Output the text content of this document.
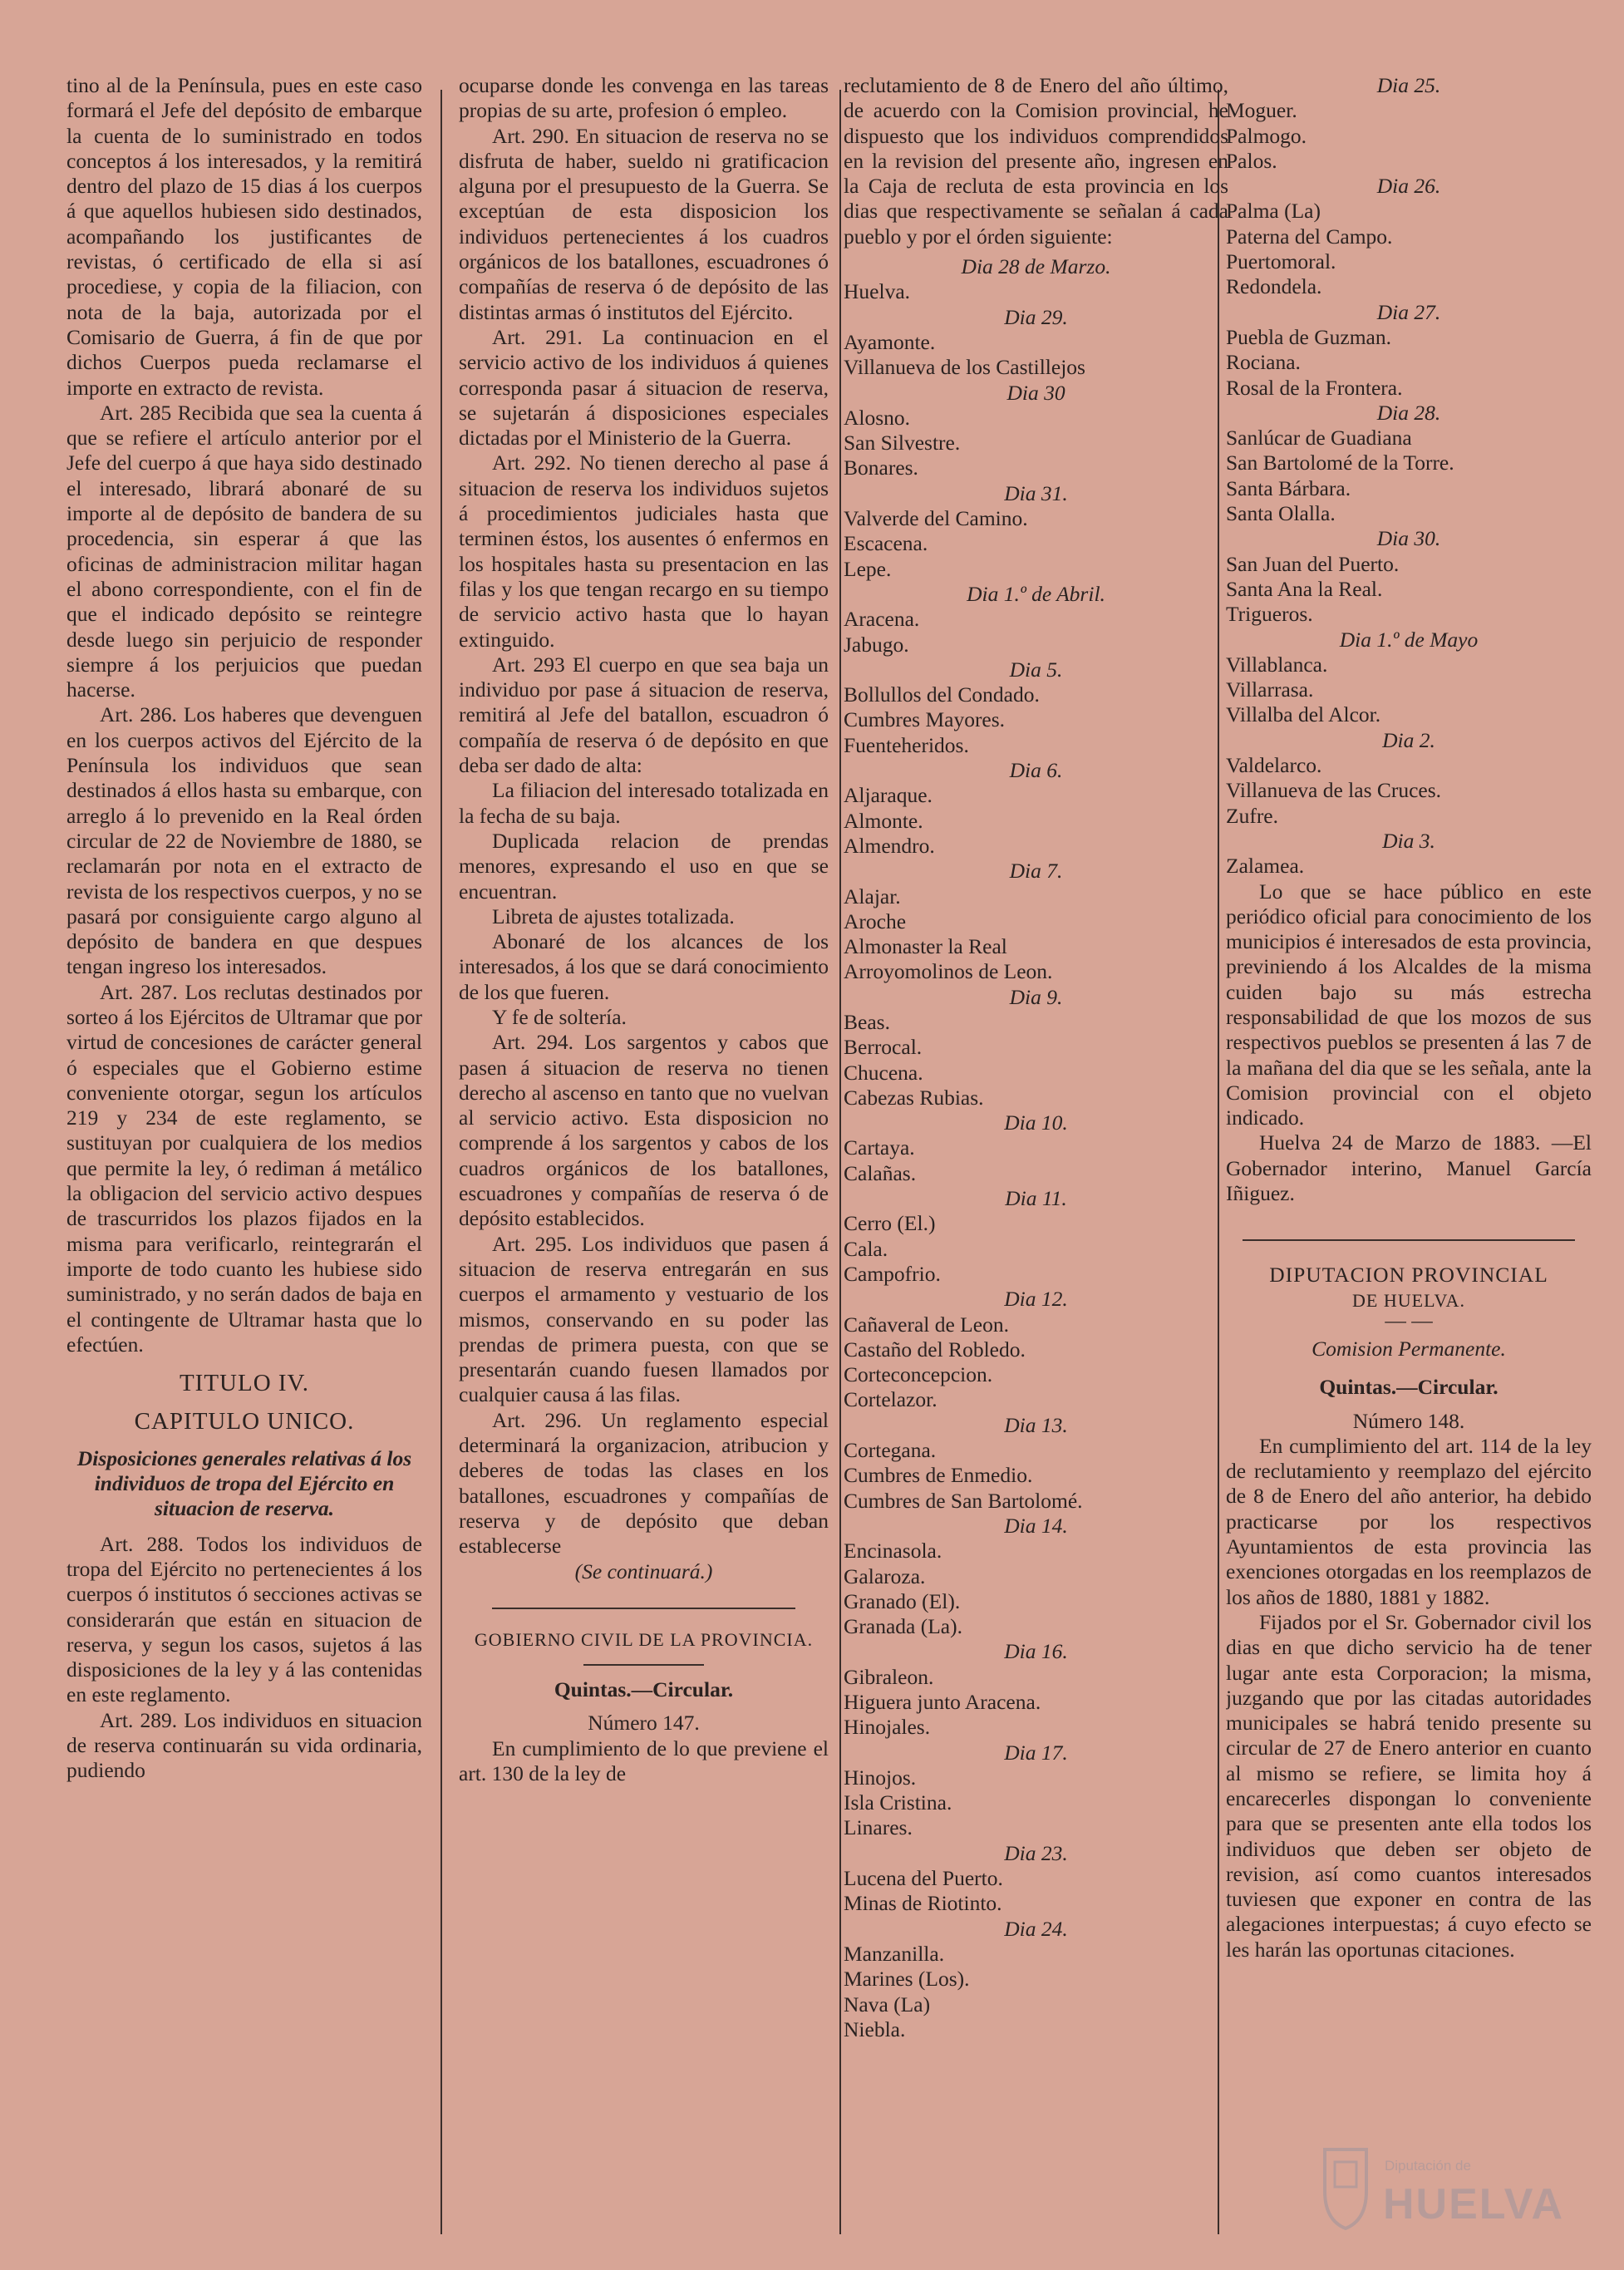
tino al de la Península, pues en este caso formará el Jefe del depósito de embarque la cuenta de lo suministrado en todos conceptos á los interesados, y la remitirá dentro del plazo de 15 dias á los cuerpos á que aquellos hubiesen sido destinados, acompañando los justificantes de revistas, ó certificado de ella si así procediese, y copia de la filiacion, con nota de la baja, autorizada por el Comisario de Guerra, á fin de que por dichos Cuerpos pueda reclamarse el importe en extracto de revista.

Art. 285 Recibida que sea la cuenta á que se refiere el artículo anterior por el Jefe del cuerpo á que haya sido destinado el interesado, librará abonaré de su importe al de depósito de bandera de su procedencia, sin esperar á que las oficinas de administracion militar hagan el abono correspondiente, con el fin de que el indicado depósito se reintegre desde luego sin perjuicio de responder siempre á los perjuicios que puedan hacerse.

Art. 286. Los haberes que devenguen en los cuerpos activos del Ejército de la Península los individuos que sean destinados á ellos hasta su embarque, con arreglo á lo prevenido en la Real órden circular de 22 de Noviembre de 1880, se reclamarán por nota en el extracto de revista de los respectivos cuerpos, y no se pasará por consiguiente cargo alguno al depósito de bandera en que despues tengan ingreso los interesados.

Art. 287. Los reclutas destinados por sorteo á los Ejércitos de Ultramar que por virtud de concesiones de carácter general ó especiales que el Gobierno estime conveniente otorgar, segun los artículos 219 y 234 de este reglamento, se sustituyan por cualquiera de los medios que permite la ley, ó rediman á metálico la obligacion del servicio activo despues de trascurridos los plazos fijados en la misma para verificarlo, reintegrarán el importe de todo cuanto les hubiese sido suministrado, y no serán dados de baja en el contingente de Ultramar hasta que lo efectúen.

TITULO IV.

CAPITULO UNICO.

Disposiciones generales relativas á los individuos de tropa del Ejército en situacion de reserva.

Art. 288. Todos los individuos de tropa del Ejército no pertenecientes á los cuerpos ó institutos ó secciones activas se considerarán que están en situacion de reserva, y segun los casos, sujetos á las disposiciones de la ley y á las contenidas en este reglamento.

Art. 289. Los individuos en situacion de reserva continuarán su vida ordinaria, pudiendo

ocuparse donde les convenga en las tareas propias de su arte, profesion ó empleo.

Art. 290. En situacion de reserva no se disfruta de haber, sueldo ni gratificacion alguna por el presupuesto de la Guerra. Se exceptúan de esta disposicion los individuos pertenecientes á los cuadros orgánicos de los batallones, escuadrones ó compañías de reserva ó de depósito de las distintas armas ó institutos del Ejército.

Art. 291. La continuacion en el servicio activo de los individuos á quienes corresponda pasar á situacion de reserva, se sujetarán á disposiciones especiales dictadas por el Ministerio de la Guerra.

Art. 292. No tienen derecho al pase á situacion de reserva los individuos sujetos á procedimientos judiciales hasta que terminen éstos, los ausentes ó enfermos en los hospitales hasta su presentacion en las filas y los que tengan recargo en su tiempo de servicio activo hasta que lo hayan extinguido.

Art. 293 El cuerpo en que sea baja un individuo por pase á situacion de reserva, remitirá al Jefe del batallon, escuadron ó compañía de reserva ó de depósito en que deba ser dado de alta:

La filiacion del interesado totalizada en la fecha de su baja.

Duplicada relacion de prendas menores, expresando el uso en que se encuentran.

Libreta de ajustes totalizada.

Abonaré de los alcances de los interesados, á los que se dará conocimiento de los que fueren.

Y fe de soltería.

Art. 294. Los sargentos y cabos que pasen á situacion de reserva no tienen derecho al ascenso en tanto que no vuelvan al servicio activo. Esta disposicion no comprende á los sargentos y cabos de los cuadros orgánicos de los batallones, escuadrones y compañías de reserva ó de depósito establecidos.

Art. 295. Los individuos que pasen á situacion de reserva entregarán en sus cuerpos el armamento y vestuario de los mismos, conservando en su poder las prendas de primera puesta, con que se presentarán cuando fuesen llamados por cualquier causa á las filas.

Art. 296. Un reglamento especial determinará la organizacion, atribucion y deberes de todas las clases en los batallones, escuadrones y compañías de reserva y de depósito que deban establecerse

(Se continuará.)

GOBIERNO CIVIL DE LA PROVINCIA.

Quintas.—Circular.

Número 147.

En cumplimiento de lo que previene el art. 130 de la ley de

reclutamiento de 8 de Enero del año último, de acuerdo con la Comision provincial, he dispuesto que los individuos comprendidos en la revision del presente año, ingresen en la Caja de recluta de esta provincia en los dias que respectivamente se señalan á cada pueblo y por el órden siguiente:

Dia 28 de Marzo.

Huelva.

Dia 29.

Ayamonte.

Villanueva de los Castillejos

Dia 30

Alosno.

San Silvestre.

Bonares.

Dia 31.

Valverde del Camino.

Escacena.

Lepe.

Dia 1.º de Abril.

Aracena.

Jabugo.

Dia 5.

Bollullos del Condado.

Cumbres Mayores.

Fuenteheridos.

Dia 6.

Aljaraque.

Almonte.

Almendro.

Dia 7.

Alajar.

Aroche

Almonaster la Real

Arroyomolinos de Leon.

Dia 9.

Beas.

Berrocal.

Chucena.

Cabezas Rubias.

Dia 10.

Cartaya.

Calañas.

Dia 11.

Cerro (El.)

Cala.

Campofrio.

Dia 12.

Cañaveral de Leon.

Castaño del Robledo.

Corteconcepcion.

Cortelazor.

Dia 13.

Cortegana.

Cumbres de Enmedio.

Cumbres de San Bartolomé.

Dia 14.

Encinasola.

Galaroza.

Granado (El).

Granada (La).

Dia 16.

Gibraleon.

Higuera junto Aracena.

Hinojales.

Dia 17.

Hinojos.

Isla Cristina.

Linares.

Dia 23.

Lucena del Puerto.

Minas de Riotinto.

Dia 24.

Manzanilla.

Marines (Los).

Nava (La)

Niebla.

Dia 25.

Moguer.

Palmogo.

Palos.

Dia 26.

Palma (La)

Paterna del Campo.

Puertomoral.

Redondela.

Dia 27.

Puebla de Guzman.

Rociana.

Rosal de la Frontera.

Dia 28.

Sanlúcar de Guadiana

San Bartolomé de la Torre.

Santa Bárbara.

Santa Olalla.

Dia 30.

San Juan del Puerto.

Santa Ana la Real.

Trigueros.

Dia 1.º de Mayo

Villablanca.

Villarrasa.

Villalba del Alcor.

Dia 2.

Valdelarco.

Villanueva de las Cruces.

Zufre.

Dia 3.

Zalamea.

Lo que se hace público en este periódico oficial para conocimiento de los municipios é interesados de esta provincia, previniendo á los Alcaldes de la misma cuiden bajo su más estrecha responsabilidad de que los mozos de sus respectivos pueblos se presenten á las 7 de la mañana del dia que se les señala, ante la Comision provincial con el objeto indicado.

Huelva 24 de Marzo de 1883. —El Gobernador interino, Manuel García Iñiguez.

DIPUTACION PROVINCIAL

DE HUELVA.

— —

Comision Permanente.

Quintas.—Circular.

Número 148.

En cumplimiento del art. 114 de la ley de reclutamiento y reemplazo del ejército de 8 de Enero del año anterior, ha debido practicarse por los respectivos Ayuntamientos de esta provincia las exenciones otorgadas en los reemplazos de los años de 1880, 1881 y 1882.

Fijados por el Sr. Gobernador civil los dias en que dicho servicio ha de tener lugar ante esta Corporacion; la misma, juzgando que por las citadas autoridades municipales se habrá tenido presente su circular de 27 de Enero anterior en cuanto al mismo se refiere, se limita hoy á encarecerles dispongan lo conveniente para que se presenten ante ella todos los individuos que deben ser objeto de revision, así como cuantos interesados tuviesen que exponer en contra de las alegaciones interpuestas; á cuyo efecto se les harán las oportunas citaciones.

Diputación de
HUELVA
